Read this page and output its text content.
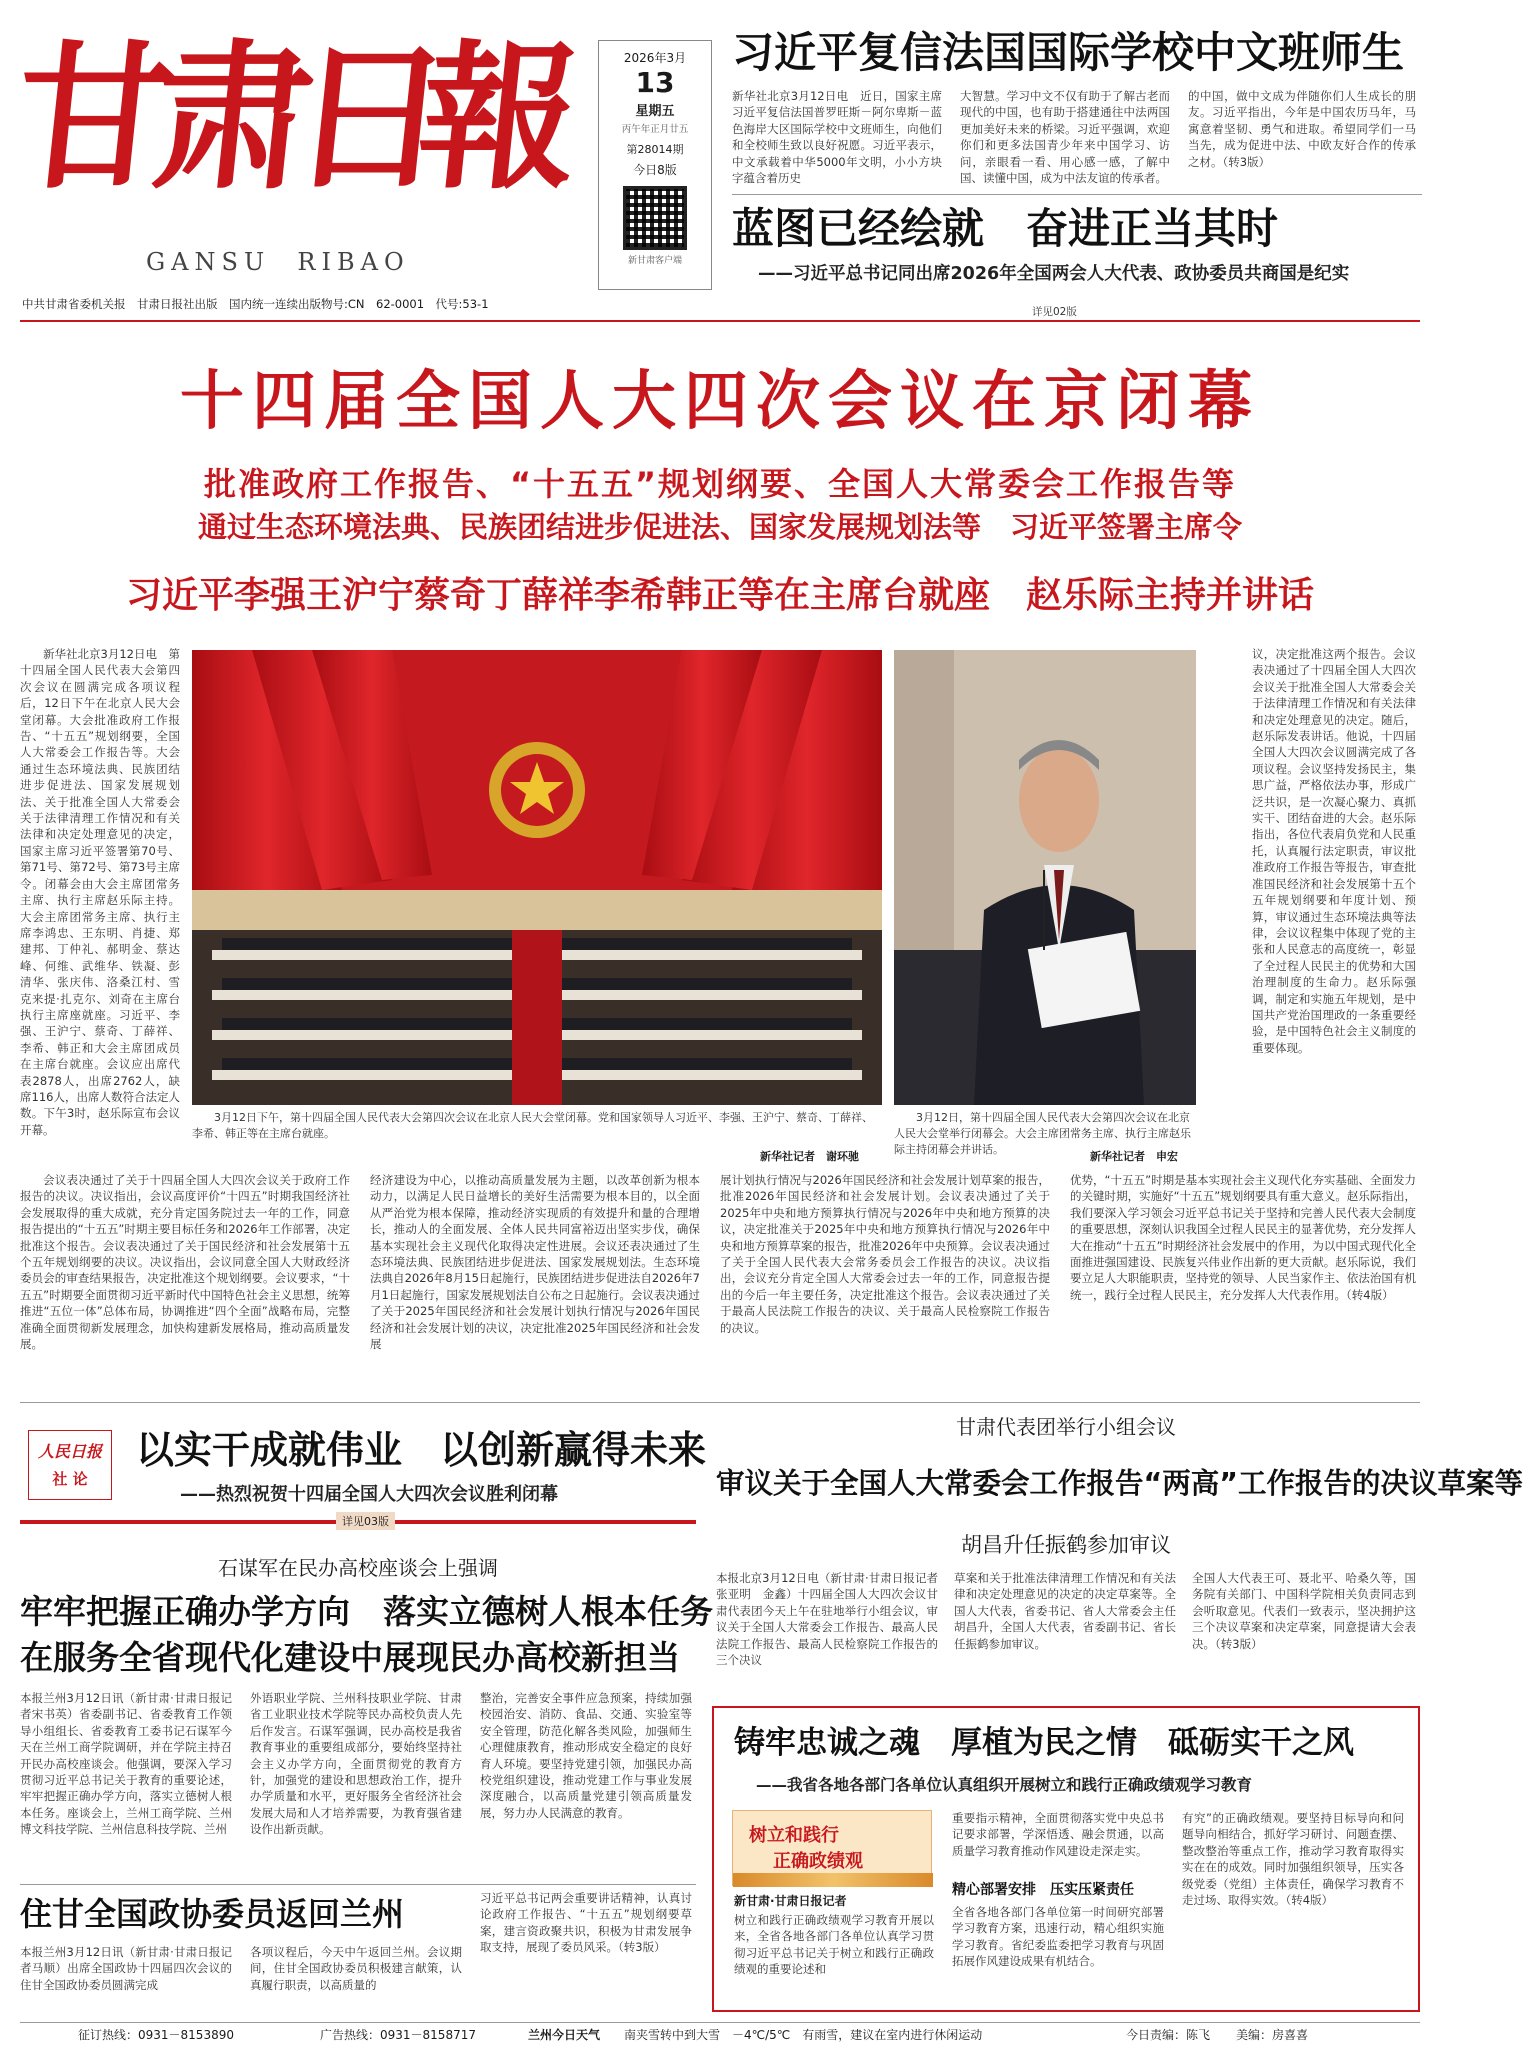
甘
肃
日
報
GANSU  RIBAO
2026年3月
13
星期五
丙午年正月廿五
第28014期
今日8版
新甘肃客户端
中共甘肃省委机关报　甘肃日报社出版　国内统一连续出版物号:CN　62-0001　代号:53-1
习近平复信法国国际学校中文班师生
新华社北京3月12日电　近日，国家主席习近平复信法国普罗旺斯－阿尔卑斯－蓝色海岸大区国际学校中文班师生，向他们和全校师生致以良好祝愿。习近平表示，中文承载着中华5000年文明，小小方块字蕴含着历史
大智慧。学习中文不仅有助于了解古老而现代的中国，也有助于搭建通往中法两国更加美好未来的桥梁。习近平强调，欢迎你们和更多法国青少年来中国学习、访问，亲眼看一看、用心感一感，了解中国、读懂中国，成为中法友谊的传承者。
的中国，做中文成为伴随你们人生成长的朋友。习近平指出，今年是中国农历马年，马寓意着坚韧、勇气和进取。希望同学们一马当先，成为促进中法、中欧友好合作的传承之材。（转3版）
蓝图已经绘就　奋进正当其时
——习近平总书记同出席2026年全国两会人大代表、政协委员共商国是纪实
详见02版
十四届全国人大四次会议在京闭幕
批准政府工作报告、“十五五”规划纲要、全国人大常委会工作报告等
通过生态环境法典、民族团结进步促进法、国家发展规划法等　习近平签署主席令
习近平李强王沪宁蔡奇丁薛祥李希韩正等在主席台就座　赵乐际主持并讲话
新华社北京3月12日电　第十四届全国人民代表大会第四次会议在圆满完成各项议程后，12日下午在北京人民大会堂闭幕。大会批准政府工作报告、“十五五”规划纲要，全国人大常委会工作报告等。大会通过生态环境法典、民族团结进步促进法、国家发展规划法、关于批准全国人大常委会关于法律清理工作情况和有关法律和决定处理意见的决定，国家主席习近平签署第70号、第71号、第72号、第73号主席令。闭幕会由大会主席团常务主席、执行主席赵乐际主持。大会主席团常务主席、执行主席李鸿忠、王东明、肖捷、郑建邦、丁仲礼、郝明金、蔡达峰、何维、武维华、铁凝、彭清华、张庆伟、洛桑江村、雪克来提·扎克尔、刘奇在主席台执行主席座就座。习近平、李强、王沪宁、蔡奇、丁薛祥、李希、韩正和大会主席团成员在主席台就座。会议应出席代表2878人，出席2762人，缺席116人，出席人数符合法定人数。下午3时，赵乐际宣布会议开幕。
3月12日下午，第十四届全国人民代表大会第四次会议在北京人民大会堂闭幕。党和国家领导人习近平、李强、王沪宁、蔡奇、丁薛祥、李希、韩正等在主席台就座。
新华社记者　谢环驰
3月12日，第十四届全国人民代表大会第四次会议在北京人民大会堂举行闭幕会。大会主席团常务主席、执行主席赵乐际主持闭幕会并讲话。
新华社记者　申宏
议，决定批准这两个报告。会议表决通过了十四届全国人大四次会议关于批准全国人大常委会关于法律清理工作情况和有关法律和决定处理意见的决定。随后，赵乐际发表讲话。他说，十四届全国人大四次会议圆满完成了各项议程。会议坚持发扬民主，集思广益，严格依法办事，形成广泛共识，是一次凝心聚力、真抓实干、团结奋进的大会。赵乐际指出，各位代表肩负党和人民重托，认真履行法定职责，审议批准政府工作报告等报告，审查批准国民经济和社会发展第十五个五年规划纲要和年度计划、预算，审议通过生态环境法典等法律，会议议程集中体现了党的主张和人民意志的高度统一，彰显了全过程人民民主的优势和大国治理制度的生命力。赵乐际强调，制定和实施五年规划，是中国共产党治国理政的一条重要经验，是中国特色社会主义制度的重要体现。
会议表决通过了关于十四届全国人大四次会议关于政府工作报告的决议。决议指出，会议高度评价“十四五”时期我国经济社会发展取得的重大成就，充分肯定国务院过去一年的工作，同意报告提出的“十五五”时期主要目标任务和2026年工作部署，决定批准这个报告。会议表决通过了关于国民经济和社会发展第十五个五年规划纲要的决议。决议指出，会议同意全国人大财政经济委员会的审查结果报告，决定批准这个规划纲要。会议要求，“十五五”时期要全面贯彻习近平新时代中国特色社会主义思想，统筹推进“五位一体”总体布局，协调推进“四个全面”战略布局，完整准确全面贯彻新发展理念，加快构建新发展格局，推动高质量发展。
经济建设为中心，以推动高质量发展为主题，以改革创新为根本动力，以满足人民日益增长的美好生活需要为根本目的，以全面从严治党为根本保障，推动经济实现质的有效提升和量的合理增长，推动人的全面发展、全体人民共同富裕迈出坚实步伐，确保基本实现社会主义现代化取得决定性进展。会议还表决通过了生态环境法典、民族团结进步促进法、国家发展规划法。生态环境法典自2026年8月15日起施行，民族团结进步促进法自2026年7月1日起施行，国家发展规划法自公布之日起施行。会议表决通过了关于2025年国民经济和社会发展计划执行情况与2026年国民经济和社会发展计划的决议，决定批准2025年国民经济和社会发展
展计划执行情况与2026年国民经济和社会发展计划草案的报告，批准2026年国民经济和社会发展计划。会议表决通过了关于2025年中央和地方预算执行情况与2026年中央和地方预算的决议，决定批准关于2025年中央和地方预算执行情况与2026年中央和地方预算草案的报告，批准2026年中央预算。会议表决通过了关于全国人民代表大会常务委员会工作报告的决议。决议指出，会议充分肯定全国人大常委会过去一年的工作，同意报告提出的今后一年主要任务，决定批准这个报告。会议表决通过了关于最高人民法院工作报告的决议、关于最高人民检察院工作报告的决议。
优势，“十五五”时期是基本实现社会主义现代化夯实基础、全面发力的关键时期，实施好“十五五”规划纲要具有重大意义。赵乐际指出，我们要深入学习领会习近平总书记关于坚持和完善人民代表大会制度的重要思想，深刻认识我国全过程人民民主的显著优势，充分发挥人大在推动“十五五”时期经济社会发展中的作用，为以中国式现代化全面推进强国建设、民族复兴伟业作出新的更大贡献。赵乐际说，我们要立足人大职能职责，坚持党的领导、人民当家作主、依法治国有机统一，践行全过程人民民主，充分发挥人大代表作用。（转4版）
人民日报
社 论
以实干成就伟业　以创新赢得未来
——热烈祝贺十四届全国人大四次会议胜利闭幕
详见03版
石谋军在民办高校座谈会上强调
牢牢把握正确办学方向　落实立德树人根本任务
在服务全省现代化建设中展现民办高校新担当
本报兰州3月12日讯（新甘肃·甘肃日报记者宋书英）省委副书记、省委教育工作领导小组组长、省委教育工委书记石谋军今天在兰州工商学院调研，并在学院主持召开民办高校座谈会。他强调，要深入学习贯彻习近平总书记关于教育的重要论述，牢牢把握正确办学方向，落实立德树人根本任务。座谈会上，兰州工商学院、兰州博文科技学院、兰州信息科技学院、兰州
外语职业学院、兰州科技职业学院、甘肃省工业职业技术学院等民办高校负责人先后作发言。石谋军强调，民办高校是我省教育事业的重要组成部分，要始终坚持社会主义办学方向，全面贯彻党的教育方针，加强党的建设和思想政治工作，提升办学质量和水平，更好服务全省经济社会发展大局和人才培养需要，为教育强省建设作出新贡献。
整治，完善安全事件应急预案，持续加强校园治安、消防、食品、交通、实验室等安全管理，防范化解各类风险，加强师生心理健康教育，推动形成安全稳定的良好育人环境。要坚持党建引领，加强民办高校党组织建设，推动党建工作与事业发展深度融合，以高质量党建引领高质量发展，努力办人民满意的教育。
住甘全国政协委员返回兰州
本报兰州3月12日讯（新甘肃·甘肃日报记者马顺）出席全国政协十四届四次会议的住甘全国政协委员圆满完成
各项议程后，今天中午返回兰州。会议期间，住甘全国政协委员积极建言献策，认真履行职责，以高质量的
习近平总书记两会重要讲话精神，认真讨论政府工作报告、“十五五”规划纲要草案，建言资政聚共识，积极为甘肃发展争取支持，展现了委员风采。（转3版）
甘肃代表团举行小组会议
审议关于全国人大常委会工作报告“两高”工作报告的决议草案等
胡昌升任振鹤参加审议
本报北京3月12日电（新甘肃·甘肃日报记者张亚明　金鑫）十四届全国人大四次会议甘肃代表团今天上午在驻地举行小组会议，审议关于全国人大常委会工作报告、最高人民法院工作报告、最高人民检察院工作报告的三个决议
草案和关于批准法律清理工作情况和有关法律和决定处理意见的决定的决定草案等。全国人大代表，省委书记、省人大常委会主任胡昌升，全国人大代表，省委副书记、省长任振鹤参加审议。
全国人大代表王可、聂北平、哈桑久等，国务院有关部门、中国科学院相关负责同志到会听取意见。代表们一致表示，坚决拥护这三个决议草案和决定草案，同意提请大会表决。（转3版）
铸牢忠诚之魂　厚植为民之情　砥砺实干之风
——我省各地各部门各单位认真组织开展树立和践行正确政绩观学习教育
树立和践行
正确政绩观
新甘肃·甘肃日报记者
树立和践行正确政绩观学习教育开展以来，全省各地各部门各单位认真学习贯彻习近平总书记关于树立和践行正确政绩观的重要论述和
重要指示精神，全面贯彻落实党中央总书记要求部署，学深悟透、融会贯通，以高质量学习教育推动作风建设走深走实。
精心部署安排　压实压紧责任
全省各地各部门各单位第一时间研究部署学习教育方案，迅速行动，精心组织实施学习教育。省纪委监委把学习教育与巩固拓展作风建设成果有机结合。
有究”的正确政绩观。要坚持目标导向和问题导向相结合，抓好学习研讨、问题查摆、整改整治等重点工作，推动学习教育取得实实在在的成效。同时加强组织领导，压实各级党委（党组）主体责任，确保学习教育不走过场、取得实效。（转4版）
征订热线：0931－8153890	广告热线：0931－8158717	兰州今日天气 南夹雪转中到大雪　－4℃/5℃　有雨雪，建议在室内进行休闲运动	今日责编：陈飞 美编：房喜喜
